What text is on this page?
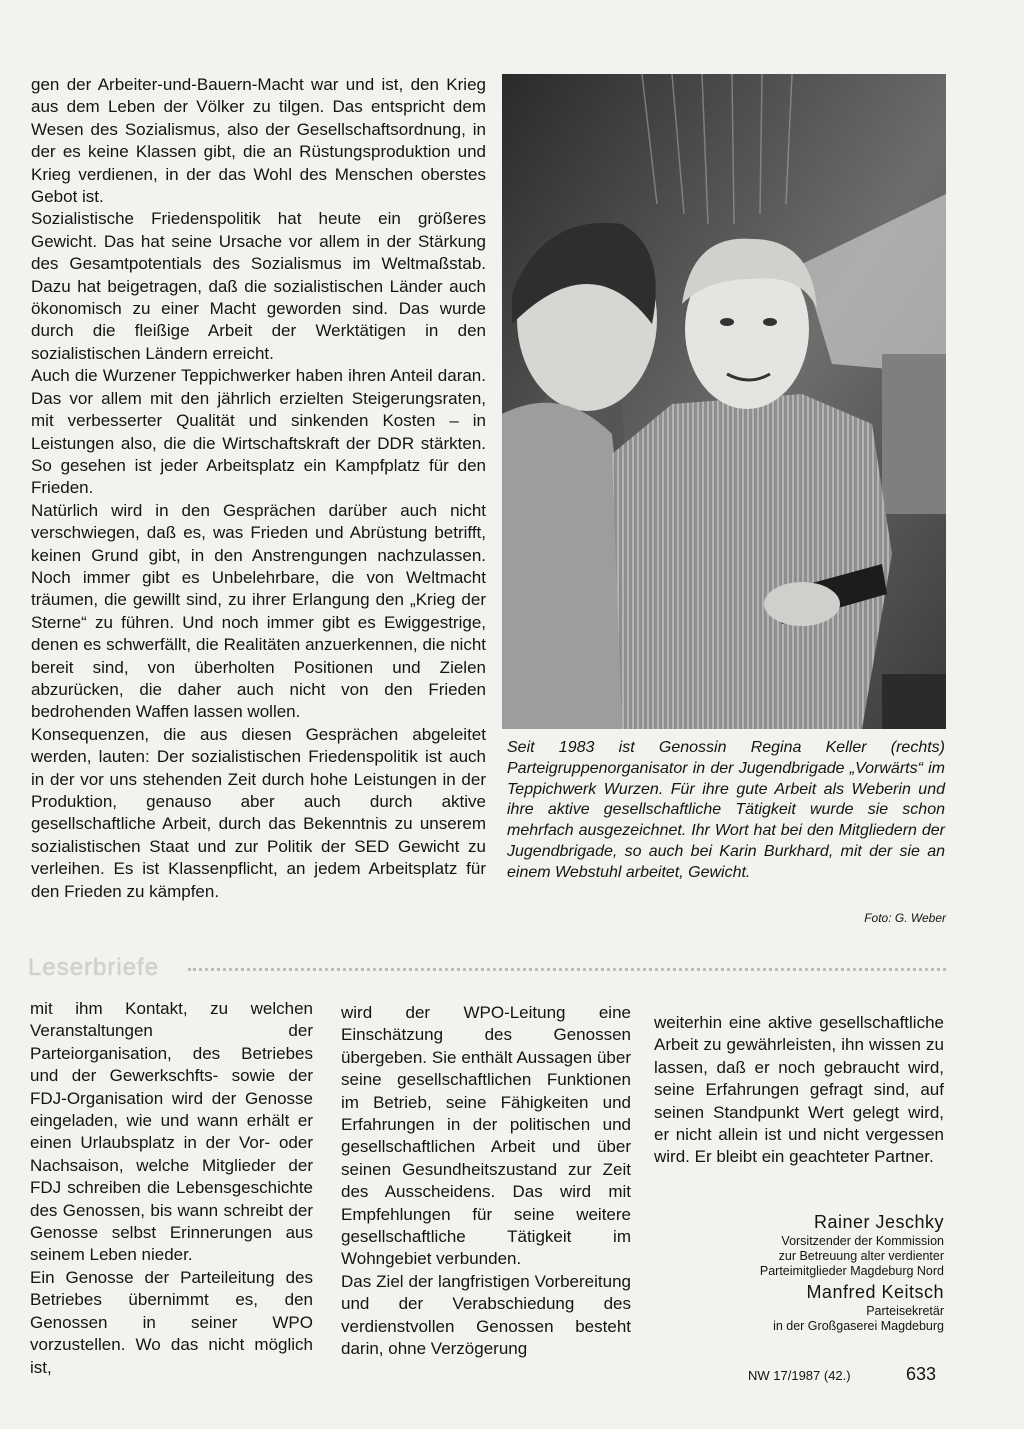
gen der Arbeiter-und-Bauern-Macht war und ist, den Krieg aus dem Leben der Völker zu tilgen. Das entspricht dem Wesen des Sozialismus, also der Gesellschaftsordnung, in der es keine Klassen gibt, die an Rüstungsproduktion und Krieg verdienen, in der das Wohl des Menschen oberstes Gebot ist.

Sozialistische Friedenspolitik hat heute ein größeres Gewicht. Das hat seine Ursache vor allem in der Stärkung des Gesamtpotentials des Sozialismus im Weltmaßstab. Dazu hat beigetragen, daß die sozialistischen Länder auch ökonomisch zu einer Macht geworden sind. Das wurde durch die fleißige Arbeit der Werktätigen in den sozialistischen Ländern erreicht.

Auch die Wurzener Teppichwerker haben ihren Anteil daran. Das vor allem mit den jährlich erzielten Steigerungsraten, mit verbesserter Qualität und sinkenden Kosten – in Leistungen also, die die Wirtschaftskraft der DDR stärkten. So gesehen ist jeder Arbeitsplatz ein Kampfplatz für den Frieden.

Natürlich wird in den Gesprächen darüber auch nicht verschwiegen, daß es, was Frieden und Abrüstung betrifft, keinen Grund gibt, in den Anstrengungen nachzulassen. Noch immer gibt es Unbelehrbare, die von Weltmacht träumen, die gewillt sind, zu ihrer Erlangung den „Krieg der Sterne“ zu führen. Und noch immer gibt es Ewiggestrige, denen es schwerfällt, die Realitäten anzuerkennen, die nicht bereit sind, von überholten Positionen und Zielen abzurücken, die daher auch nicht von den Frieden bedrohenden Waffen lassen wollen.

Konsequenzen, die aus diesen Gesprächen abgeleitet werden, lauten: Der sozialistischen Friedenspolitik ist auch in der vor uns stehenden Zeit durch hohe Leistungen in der Produktion, genauso aber auch durch aktive gesellschaftliche Arbeit, durch das Bekenntnis zu unserem sozialistischen Staat und zur Politik der SED Gewicht zu verleihen. Es ist Klassenpflicht, an jedem Arbeitsplatz für den Frieden zu kämpfen.

Seit 1983 ist Genossin Regina Keller (rechts) Parteigruppenorganisator in der Jugendbrigade „Vorwärts“ im Teppichwerk Wurzen. Für ihre gute Arbeit als Weberin und ihre aktive gesellschaftliche Tätigkeit wurde sie schon mehrfach ausgezeichnet. Ihr Wort hat bei den Mitgliedern der Jugendbrigade, so auch bei Karin Burkhard, mit der sie an einem Webstuhl arbeitet, Gewicht.
Foto: G. Weber
Leserbriefe

mit ihm Kontakt, zu welchen Veranstaltungen der Parteiorganisation, des Betriebes und der Gewerkschfts- sowie der FDJ-Organisation wird der Genosse eingeladen, wie und wann erhält er einen Urlaubsplatz in der Vor- oder Nachsaison, welche Mitglieder der FDJ schreiben die Lebensgeschichte des Genossen, bis wann schreibt der Genosse selbst Erinnerungen aus seinem Leben nieder.

Ein Genosse der Parteileitung des Betriebes übernimmt es, den Genossen in seiner WPO vorzustellen. Wo das nicht möglich ist,

wird der WPO-Leitung eine Einschätzung des Genossen übergeben. Sie enthält Aussagen über seine gesellschaftlichen Funktionen im Betrieb, seine Fähigkeiten und Erfahrungen in der politischen und gesellschaftlichen Arbeit und über seinen Gesundheitszustand zur Zeit des Ausscheidens. Das wird mit Empfehlungen für seine weitere gesellschaftliche Tätigkeit im Wohngebiet verbunden.

Das Ziel der langfristigen Vorbereitung und der Verabschiedung des verdienstvollen Genossen besteht darin, ohne Verzögerung

weiterhin eine aktive gesellschaftliche Arbeit zu gewährleisten, ihn wissen zu lassen, daß er noch gebraucht wird, seine Erfahrungen gefragt sind, auf seinen Standpunkt Wert gelegt wird, er nicht allein ist und nicht vergessen wird. Er bleibt ein geachteter Partner.

Rainer Jeschky
Vorsitzender der Kommission
zur Betreuung alter verdienter
Parteimitglieder Magdeburg Nord
Manfred Keitsch
Parteisekretär
in der Großgaserei Magdeburg
NW 17/1987 (42.)	633
